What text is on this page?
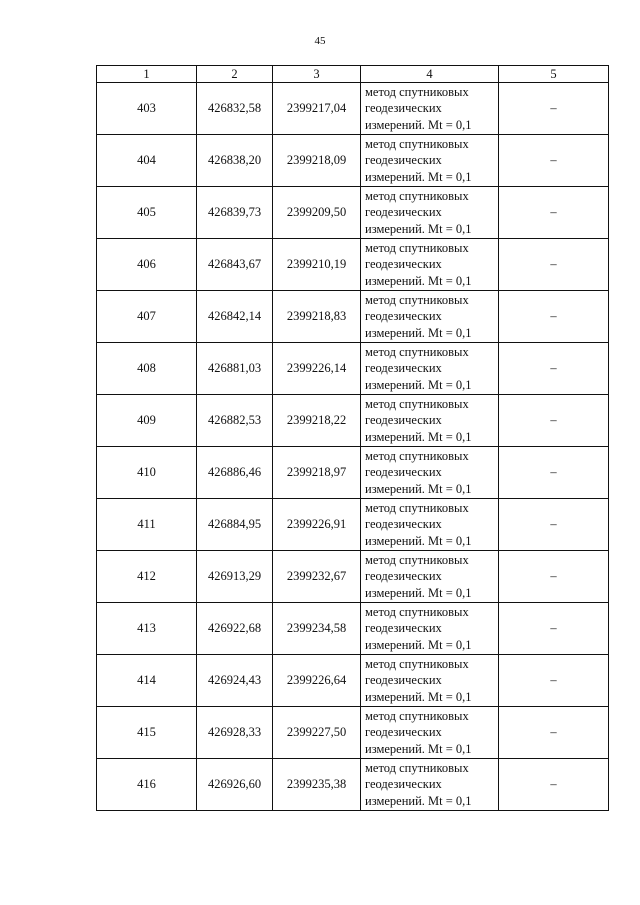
45
1	2	3	4	5
403	426832,58	2399217,04	метод спутниковых
геодезических
измерений. Mt = 0,1	–
404	426838,20	2399218,09	метод спутниковых
геодезических
измерений. Mt = 0,1	–
405	426839,73	2399209,50	метод спутниковых
геодезических
измерений. Mt = 0,1	–
406	426843,67	2399210,19	метод спутниковых
геодезических
измерений. Mt = 0,1	–
407	426842,14	2399218,83	метод спутниковых
геодезических
измерений. Mt = 0,1	–
408	426881,03	2399226,14	метод спутниковых
геодезических
измерений. Mt = 0,1	–
409	426882,53	2399218,22	метод спутниковых
геодезических
измерений. Mt = 0,1	–
410	426886,46	2399218,97	метод спутниковых
геодезических
измерений. Mt = 0,1	–
411	426884,95	2399226,91	метод спутниковых
геодезических
измерений. Mt = 0,1	–
412	426913,29	2399232,67	метод спутниковых
геодезических
измерений. Mt = 0,1	–
413	426922,68	2399234,58	метод спутниковых
геодезических
измерений. Mt = 0,1	–
414	426924,43	2399226,64	метод спутниковых
геодезических
измерений. Mt = 0,1	–
415	426928,33	2399227,50	метод спутниковых
геодезических
измерений. Mt = 0,1	–
416	426926,60	2399235,38	метод спутниковых
геодезических
измерений. Mt = 0,1	–
